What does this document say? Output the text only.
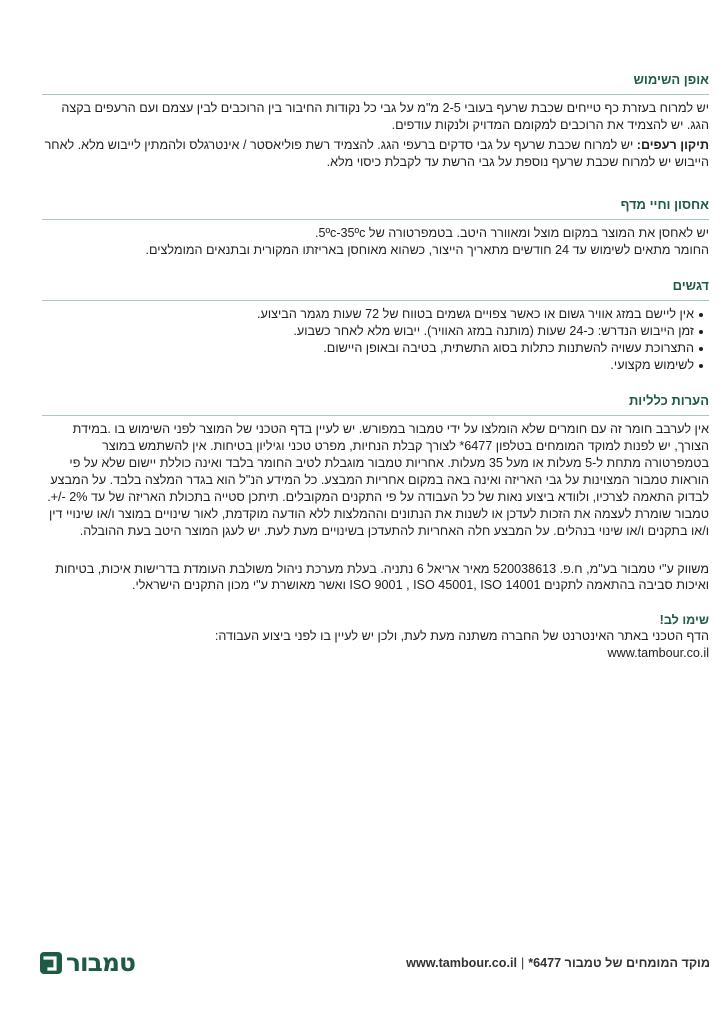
אופן השימוש

יש למרוח בעזרת כף טייחים שכבת שרעף בעובי 2-5 מ"מ על גבי כל נקודות החיבור בין הרוכבים לבין עצמם ועם הרעפים בקצה הגג. יש להצמיד את הרוכבים למקומם המדויק ולנקות עודפים.

תיקון רעפים: יש למרוח שכבת שרעף על גבי סדקים ברעפי הגג. להצמיד רשת פוליאסטר / אינטרגלס ולהמתין לייבוש מלא. לאחר הייבוש יש למרוח שכבת שרעף נוספת על גבי הרשת עד לקבלת כיסוי מלא.

אחסון וחיי מדף

יש לאחסן את המוצר במקום מוצל ומאוורר היטב. בטמפרטורה של 5ºc-35ºc.

החומר מתאים לשימוש עד 24 חודשים מתאריך הייצור, כשהוא מאוחסן באריזתו המקורית ובתנאים המומלצים.

דגשים
אין ליישם במזג אוויר גשום או כאשר צפויים גשמים בטווח של 72 שעות מגמר הביצוע.
זמן הייבוש הנדרש: כ-24 שעות (מותנה במזג האוויר). ייבוש מלא לאחר כשבוע.
התצרוכת עשויה להשתנות כתלות בסוג התשתית, בטיבה ובאופן היישום.
לשימוש מקצועי.
הערות כלליות

אין לערבב חומר זה עם חומרים שלא הומלצו על ידי טמבור במפורש. יש לעיין בדף הטכני של המוצר לפני השימוש בו .במידת הצורך, יש לפנות למוקד המומחים בטלפון 6477* לצורך קבלת הנחיות, מפרט טכני וגיליון בטיחות. אין להשתמש במוצר בטמפרטורה מתחת ל-5 מעלות או מעל 35 מעלות. אחריות טמבור מוגבלת לטיב החומר בלבד ואינה כוללת יישום שלא על פי הוראות טמבור המצוינות על גבי האריזה ואינה באה במקום אחריות המבצע. כל המידע הנ"ל הוא בגדר המלצה בלבד. על המבצע לבדוק התאמה לצרכיו, ולוודא ביצוע נאות של כל העבודה על פי התקנים המקובלים. תיתכן סטייה בתכולת האריזה של עד 2% -/+. טמבור שומרת לעצמה את הזכות לעדכן או לשנות את הנתונים וההמלצות ללא הודעה מוקדמת, לאור שינויים במוצר ו/או שינויי דין ו/או בתקנים ו/או שינוי בנהלים. על המבצע חלה האחריות להתעדכן בשינויים מעת לעת. יש לעגן המוצר היטב בעת ההובלה.

משווק ע"י טמבור בע"מ, ח.פ. 520038613 מאיר אריאל 6 נתניה. בעלת מערכת ניהול משולבת העומדת בדרישות איכות, בטיחות ואיכות סביבה בהתאמה לתקנים ISO 9001 , ISO 45001, ISO 14001 ואשר מאושרת ע"י מכון התקנים הישראלי.

שימו לב!
הדף הטכני באתר האינטרנט של החברה משתנה מעת לעת, ולכן יש לעיין בו לפני ביצוע העבודה:
www.tambour.co.il
טמבור	מוקד המומחים של טמבור 6477*|www.tambour.co.il
